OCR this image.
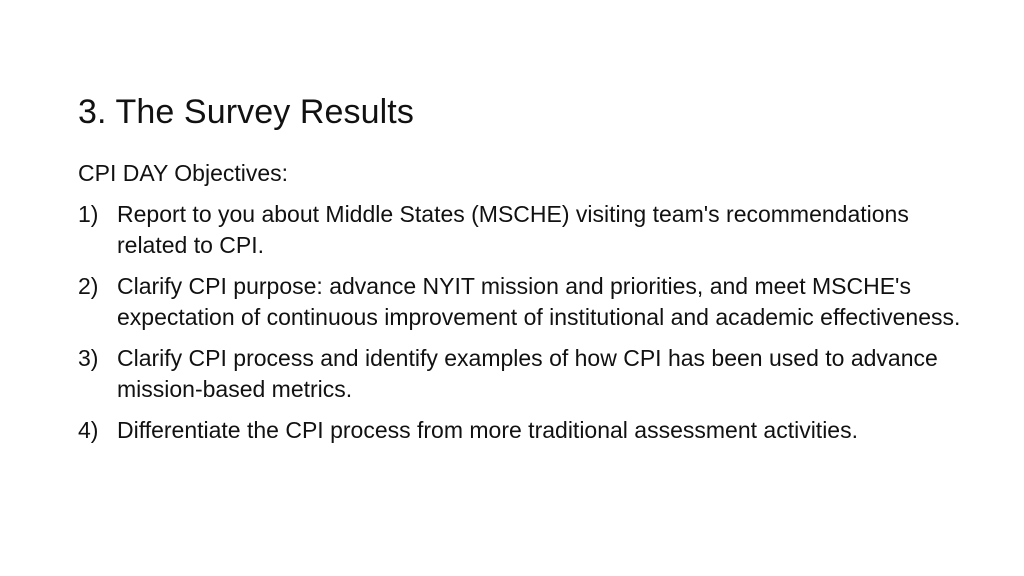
3. The Survey Results

CPI DAY Objectives:

1) Report to you about Middle States (MSCHE) visiting team's recommendations related to CPI.
2) Clarify CPI purpose: advance NYIT mission and priorities, and meet MSCHE's expectation of continuous improvement of institutional and academic effectiveness.
3) Clarify CPI process and identify examples of how CPI has been used to advance mission-based metrics.
4) Differentiate the CPI process from more traditional assessment activities.
